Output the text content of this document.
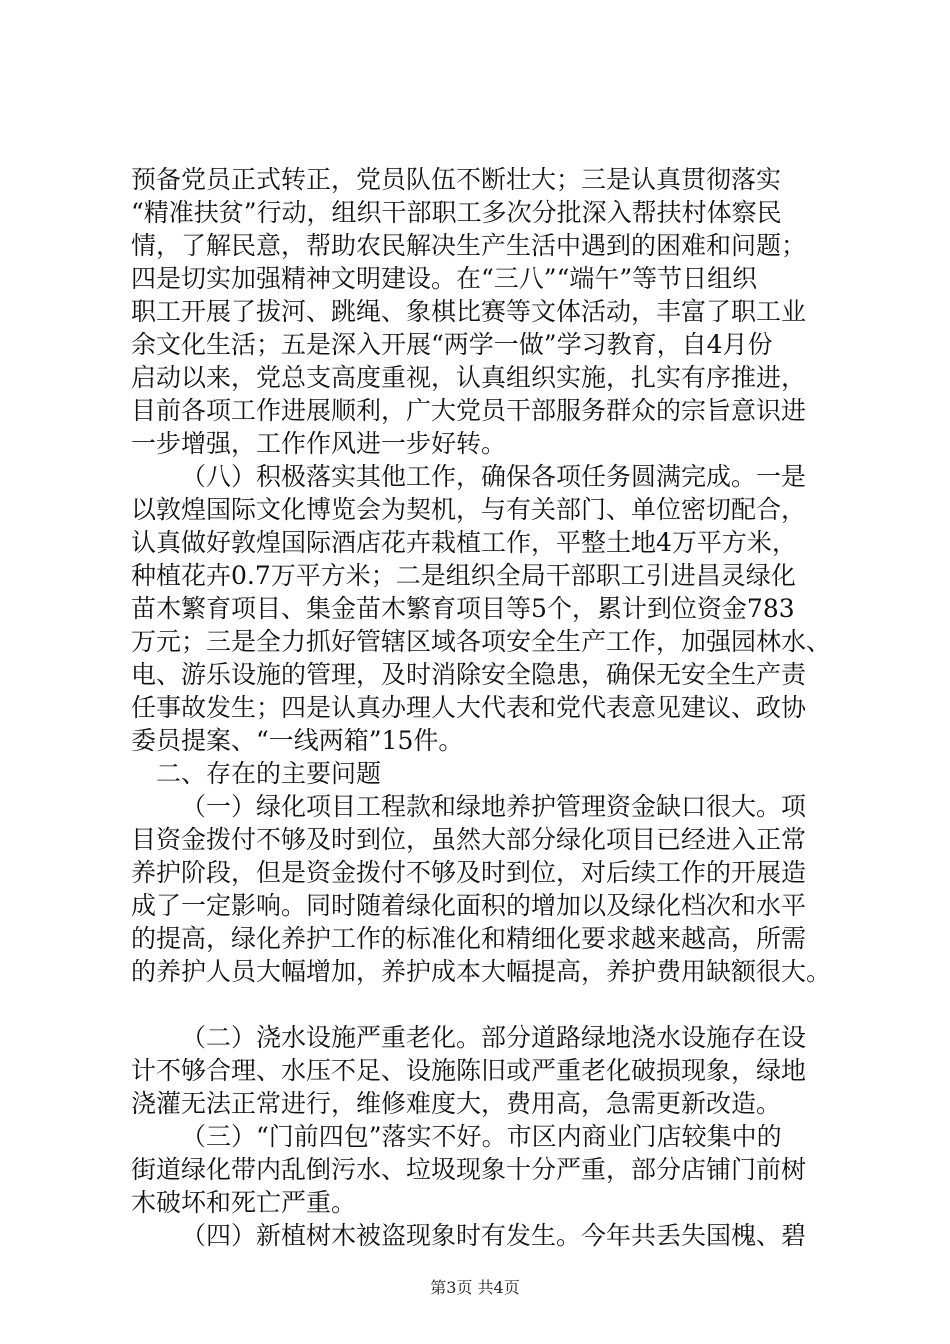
预备党员正式转正，党员队伍不断壮大；三是认真贯彻落实
“精准扶贫”行动，组织干部职工多次分批深入帮扶村体察民
情，了解民意，帮助农民解决生产生活中遇到的困难和问题；
四是切实加强精神文明建设。在“三八”“端午”等节日组织
职工开展了拔河、跳绳、象棋比赛等文体活动，丰富了职工业
余文化生活；五是深入开展“两学一做”学习教育，自4月份
启动以来，党总支高度重视，认真组织实施，扎实有序推进，
目前各项工作进展顺利，广大党员干部服务群众的宗旨意识进
一步增强，工作作风进一步好转。
（八）积极落实其他工作，确保各项任务圆满完成。一是
以敦煌国际文化博览会为契机，与有关部门、单位密切配合，
认真做好敦煌国际酒店花卉栽植工作，平整土地4万平方米，
种植花卉0.7万平方米；二是组织全局干部职工引进昌灵绿化
苗木繁育项目、集金苗木繁育项目等5个，累计到位资金783
万元；三是全力抓好管辖区域各项安全生产工作，加强园林水、
电、游乐设施的管理，及时消除安全隐患，确保无安全生产责
任事故发生；四是认真办理人大代表和党代表意见建议、政协
委员提案、“一线两箱”15件。
二、存在的主要问题
（一）绿化项目工程款和绿地养护管理资金缺口很大。项
目资金拨付不够及时到位，虽然大部分绿化项目已经进入正常
养护阶段，但是资金拨付不够及时到位，对后续工作的开展造
成了一定影响。同时随着绿化面积的增加以及绿化档次和水平
的提高，绿化养护工作的标准化和精细化要求越来越高，所需
的养护人员大幅增加，养护成本大幅提高，养护费用缺额很大。
（二）浇水设施严重老化。部分道路绿地浇水设施存在设
计不够合理、水压不足、设施陈旧或严重老化破损现象，绿地
浇灌无法正常进行，维修难度大，费用高，急需更新改造。
（三）“门前四包”落实不好。市区内商业门店较集中的
街道绿化带内乱倒污水、垃圾现象十分严重，部分店铺门前树
木破坏和死亡严重。
（四）新植树木被盗现象时有发生。今年共丢失国槐、碧
第3页 共4页
